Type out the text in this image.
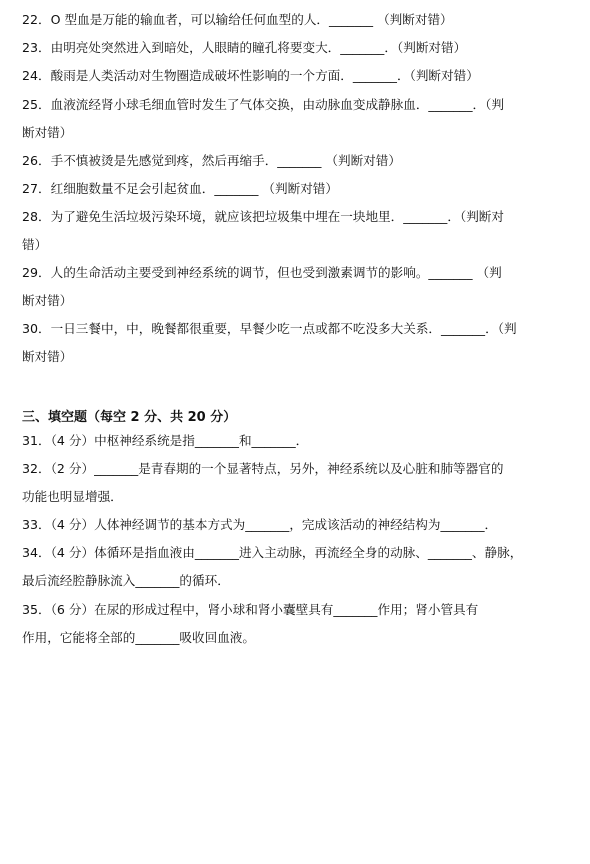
22．O 型血是万能的输血者，可以输给任何血型的人．_______ （判断对错）
23．由明亮处突然进入到暗处，人眼睛的瞳孔将要变大．_______．（判断对错）
24．酸雨是人类活动对生物圈造成破坏性影响的一个方面．_______．（判断对错）
25．血液流经肾小球毛细血管时发生了气体交换，由动脉血变成静脉血．_______．（判
断对错）
26．手不慎被烫是先感觉到疼，然后再缩手．_______ （判断对错）
27．红细胞数量不足会引起贫血．_______ （判断对错）
28．为了避免生活垃圾污染环境，就应该把垃圾集中埋在一块地里．_______．（判断对
错）
29．人的生命活动主要受到神经系统的调节，但也受到激素调节的影响。_______ （判
断对错）
30．一日三餐中，中，晚餐都很重要，早餐少吃一点或都不吃没多大关系．_______．（判
断对错）
三、填空题（每空 2 分、共 20 分）
31．（4 分）中枢神经系统是指_______和_______．
32．（2 分）_______是青春期的一个显著特点，另外，神经系统以及心脏和肺等器官的
功能也明显增强．
33．（4 分）人体神经调节的基本方式为_______，完成该活动的神经结构为_______．
34．（4 分）体循环是指血液由_______进入主动脉，再流经全身的动脉、_______、静脉，
最后流经腔静脉流入_______的循环．
35．（6 分）在尿的形成过程中，肾小球和肾小囊壁具有_______作用；肾小管具有
作用，它能将全部的_______吸收回血液。
